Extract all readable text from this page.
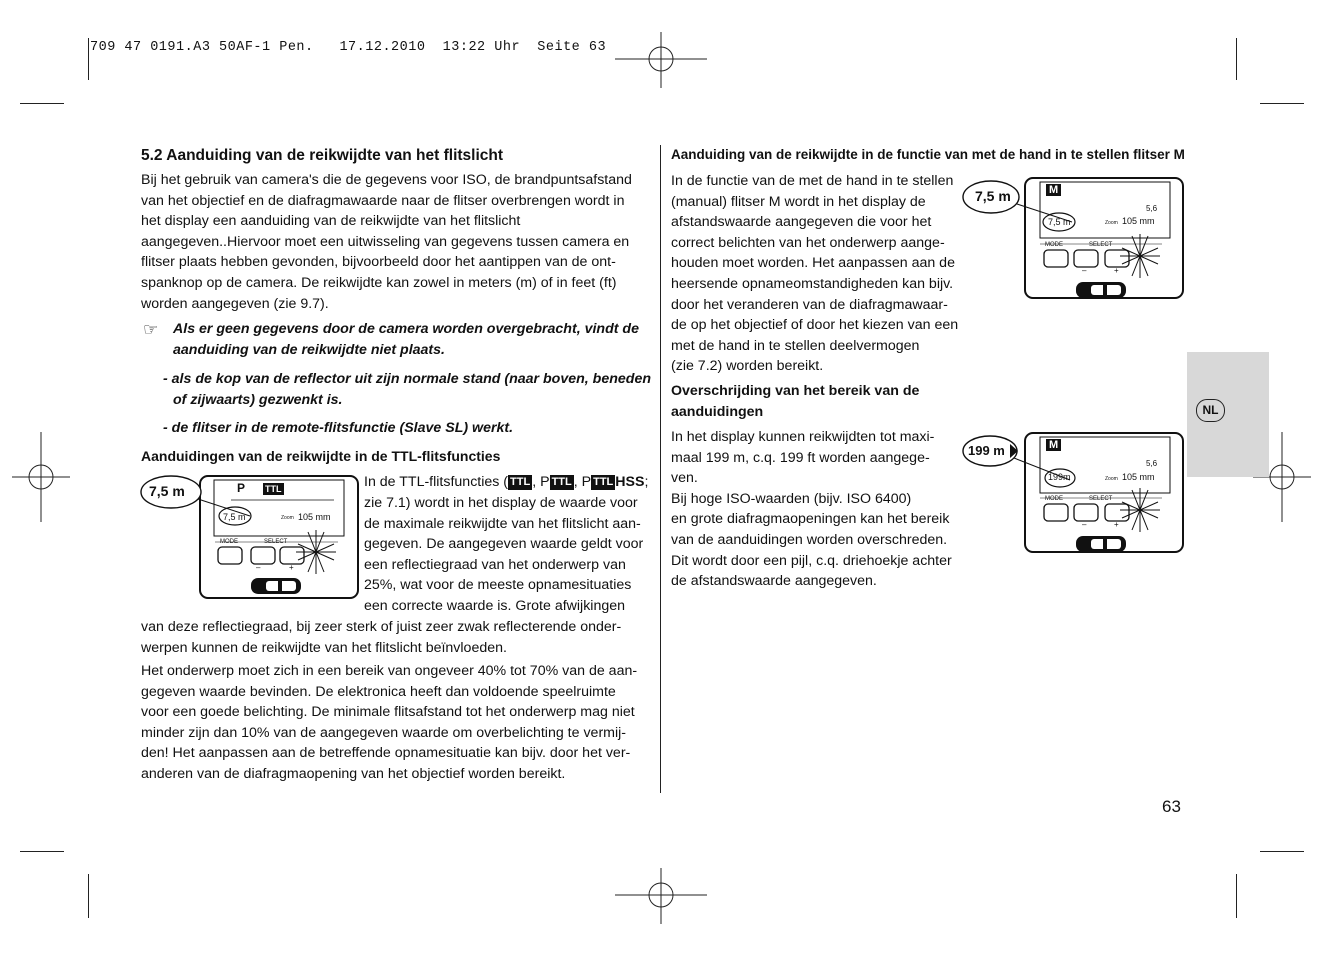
709 47 0191.A3 50AF-1 Pen.   17.12.2010  13:22 Uhr  Seite 63
5.2 Aanduiding van de reikwijdte van het flitslicht
Bij het gebruik van camera's die de gegevens voor ISO, de brandpuntsafstand
van het objectief en de diafragmawaarde naar de flitser overbrengen wordt in
het display een aanduiding van de reikwijdte van het flitslicht
aangegeven..Hiervoor moet een uitwisseling van gegevens tussen camera en
flitser plaats hebben gevonden, bijvoorbeeld door het aantippen van de ont-
spanknop op de camera. De reikwijdte kan zowel in meters (m) of in feet (ft)
worden aangegeven (zie 9.7).
☞ Als er geen gegevens door de camera worden overgebracht, vindt de
aanduiding van de reikwijdte niet plaats.
- als de kop van de reflector uit zijn normale stand (naar boven, beneden
of zijwaarts) gezwenkt is.
- de flitser in de remote-flitsfunctie (Slave SL) werkt.
Aanduidingen van de reikwijdte in de TTL-flitsfuncties
7,5 m	P TTL
7,5 m	Zoom 105 mm
MODE	SELECT
–	+
In de TTL-flitsfuncties ( TTL , P TTL , P TTL HSS;
zie 7.1) wordt in het display de waarde voor
de maximale reikwijdte van het flitslicht aan-
gegeven. De aangegeven waarde geldt voor
een reflectiegraad van het onderwerp van
25%, wat voor de meeste opnamesituaties
een correcte waarde is. Grote afwijkingen
van deze reflectiegraad, bij zeer sterk of juist zeer zwak reflecterende onder-
werpen kunnen de reikwijdte van het flitslicht beïnvloeden.
Het onderwerp moet zich in een bereik van ongeveer 40% tot 70% van de aan-
gegeven waarde bevinden. De elektronica heeft dan voldoende speelruimte
voor een goede belichting. De minimale flitsafstand tot het onderwerp mag niet
minder zijn dan 10% van de aangegeven waarde om overbelichting te vermij-
den! Het aanpassen aan de betreffende opnamesituatie kan bijv. door het ver-
anderen van de diafragmaopening van het objectief worden bereikt.
Aanduiding van de reikwijdte in de functie van met de hand in te stellen flitser M
In de functie van de met de hand in te stellen
(manual) flitser M wordt in het display de
afstandswaarde aangegeven die voor het
correct belichten van het onderwerp aange-
houden moet worden. Het aanpassen aan de
heersende opnameomstandigheden kan bijv.
door het veranderen van de diafragmawaar-
de op het objectief of door het kiezen van een
met de hand in te stellen deelvermogen
(zie 7.2) worden bereikt.
Overschrijding van het bereik van de
aanduidingen
In het display kunnen reikwijdten tot maxi-
maal 199 m, c.q. 199 ft worden aangege-
ven.
Bij hoge ISO-waarden (bijv. ISO 6400)
en grote diafragmaopeningen kan het bereik
van de aanduidingen worden overschreden.
Dit wordt door een pijl, c.q. driehoekje achter
de afstandswaarde aangegeven.
7,5 m	M
5,6
7,5 m	Zoom 105 mm
MODE	SELECT
–	+
199 m	M
5,6
199m	Zoom 105 mm
MODE	SELECT
–	+
NL
63
